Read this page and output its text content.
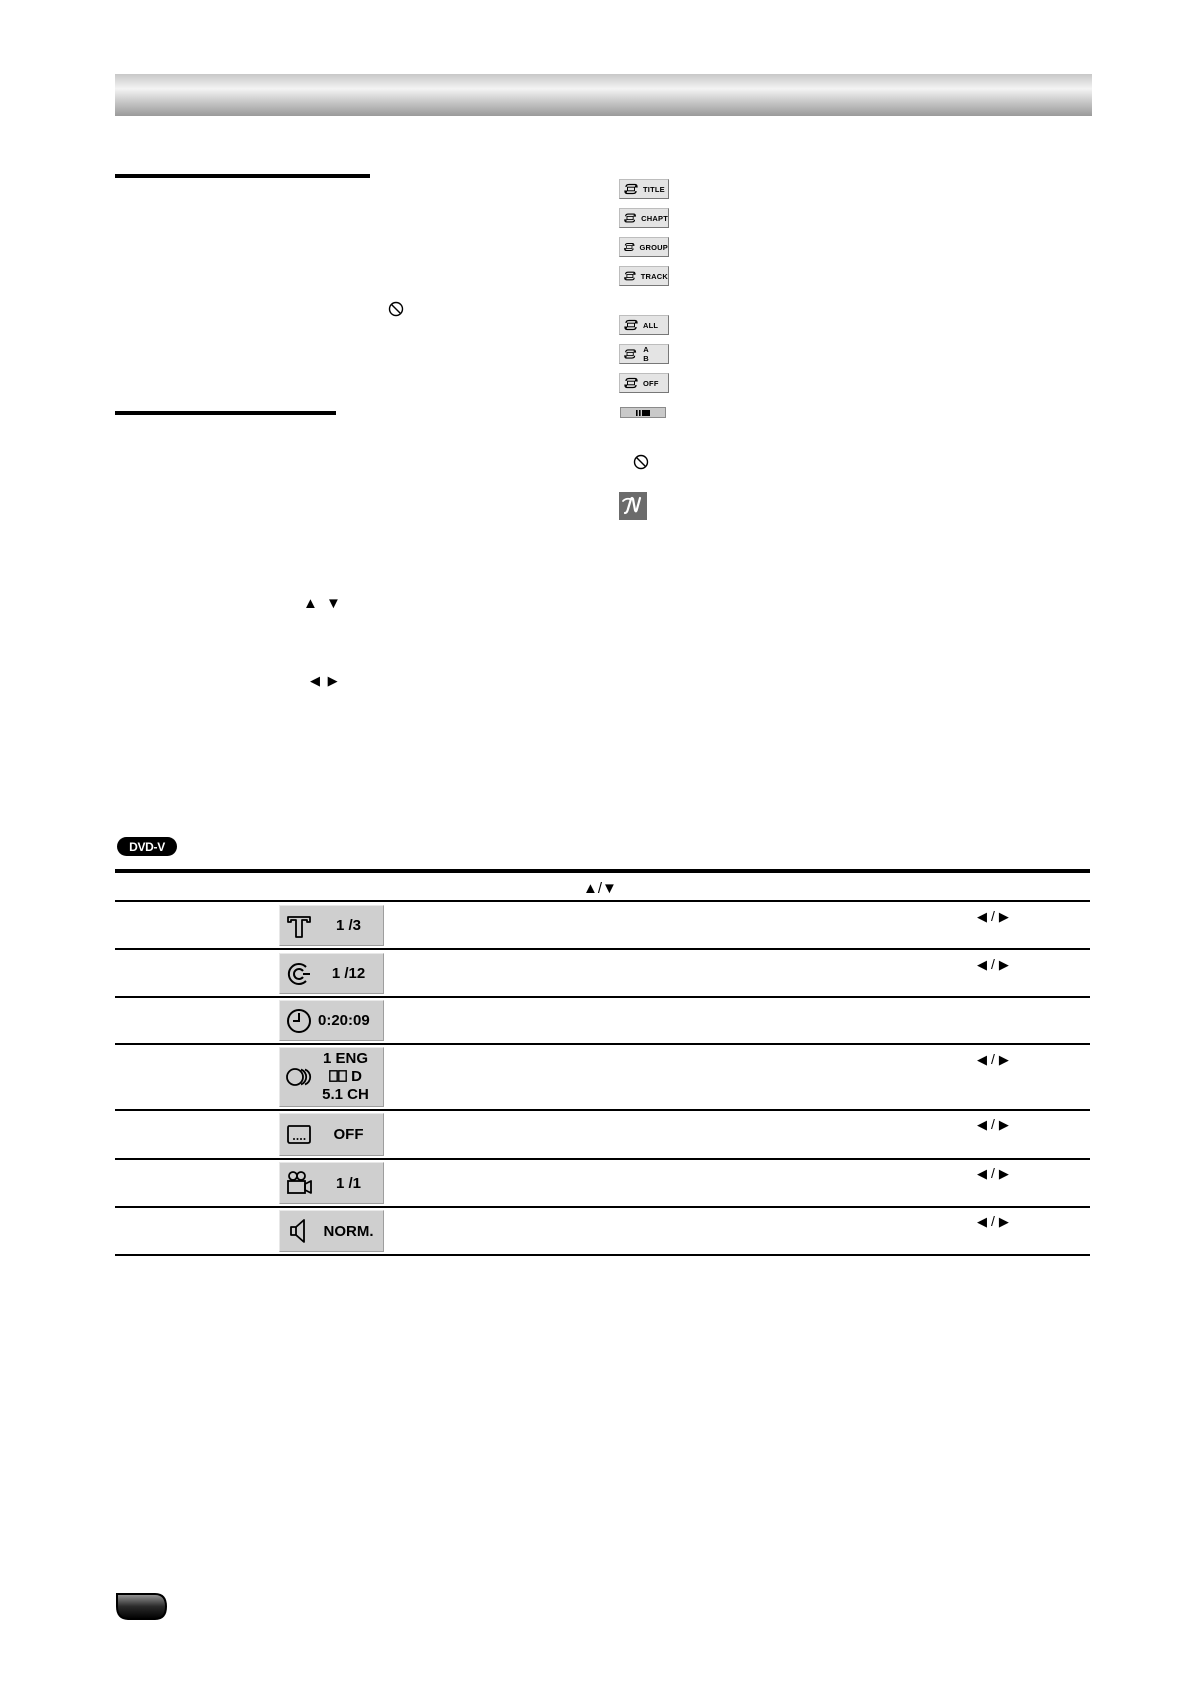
▲ ▼
◀ ▶
TITLE
CHAPT
GROUP
TRACK
ALL
A B
OFF
DVD-V
▲/▼
1 /3
◀ / ▶
1 /12
◀ / ▶
0:20:09
1 ENG
D
5.1 CH
◀ / ▶
OFF
◀ / ▶
1 /1
◀ / ▶
NORM.
◀ / ▶
